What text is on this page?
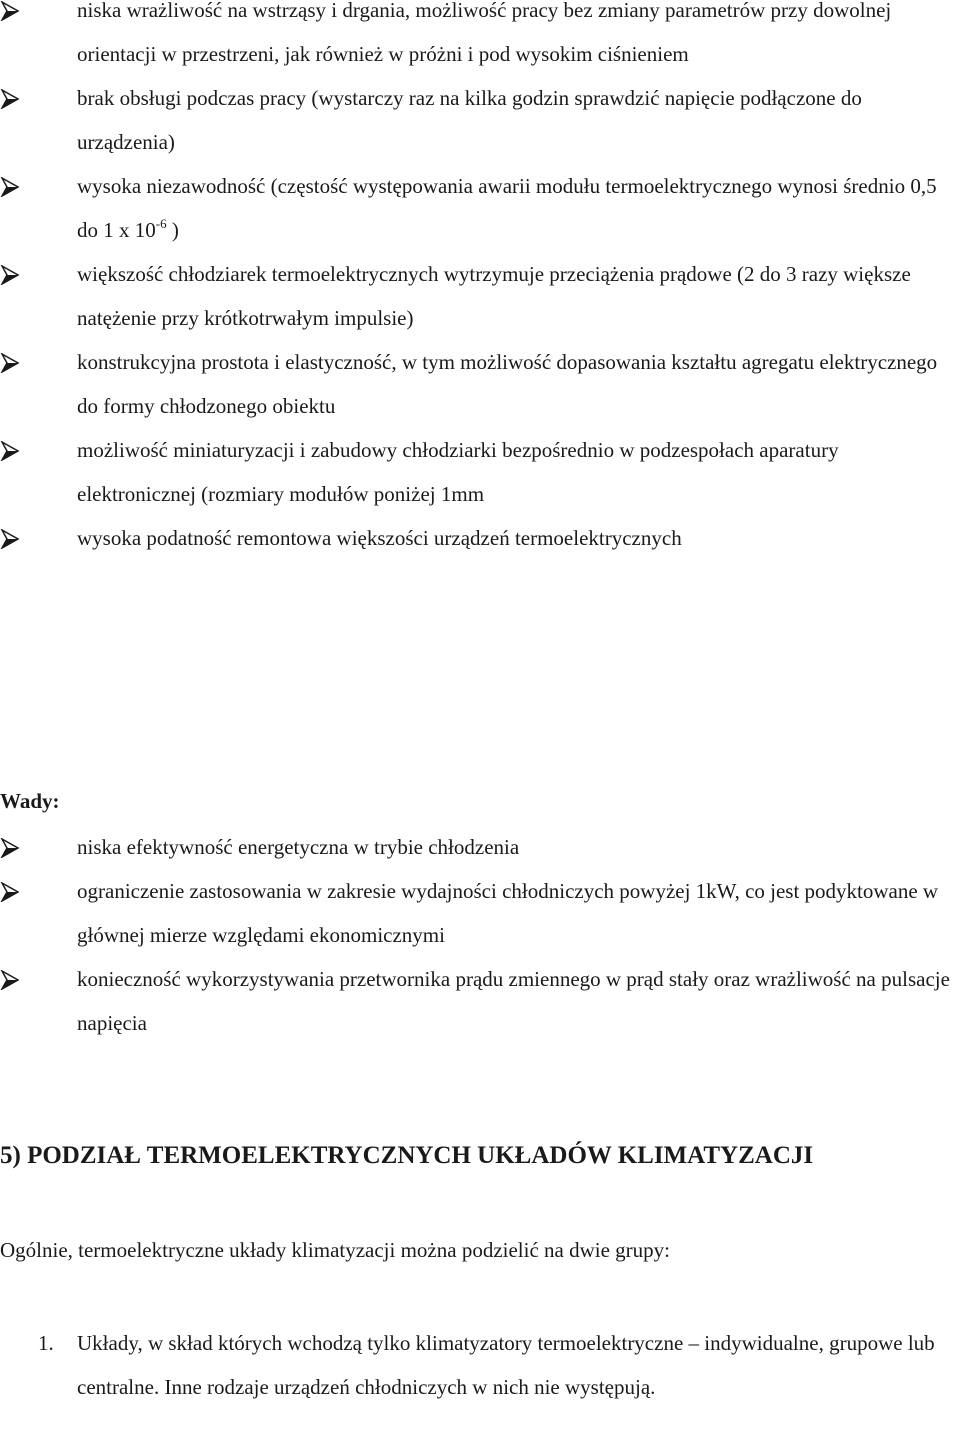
niska wrażliwość na wstrząsy i drgania, możliwość pracy bez zmiany parametrów przy dowolnej orientacji w przestrzeni, jak również w próżni i pod wysokim ciśnieniem
brak obsługi podczas pracy (wystarczy raz na kilka godzin sprawdzić napięcie podłączone do urządzenia)
wysoka niezawodność (częstość występowania awarii modułu termoelektrycznego wynosi średnio 0,5 do 1 x $10^{-6}$ )
większość chłodziarek termoelektrycznych wytrzymuje przeciążenia prądowe (2 do 3 razy większe natężenie przy krótkotrwałym impulsie)
konstrukcyjna prostota i elastyczność, w tym możliwość dopasowania kształtu agregatu elektrycznego do formy chłodzonego obiektu
możliwość miniaturyzacji i zabudowy chłodziarki bezpośrednio w podzespołach aparatury elektronicznej (rozmiary modułów poniżej 1mm
wysoka podatność remontowa większości urządzeń termoelektrycznych
Wady:
niska efektywność energetyczna w trybie chłodzenia
ograniczenie zastosowania w zakresie wydajności chłodniczych powyżej 1kW, co jest podyktowane w głównej mierze względami ekonomicznymi
konieczność wykorzystywania przetwornika prądu zmiennego w prąd stały oraz wrażliwość na pulsacje napięcia
5) PODZIAŁ TERMOELEKTRYCZNYCH UKŁADÓW KLIMATYZACJI

Ogólnie, termoelektryczne układy klimatyzacji można podzielić na dwie grupy:

1. Układy, w skład których wchodzą tylko klimatyzatory termoelektryczne – indywidualne, grupowe lub centralne. Inne rodzaje urządzeń chłodniczych w nich nie występują.
